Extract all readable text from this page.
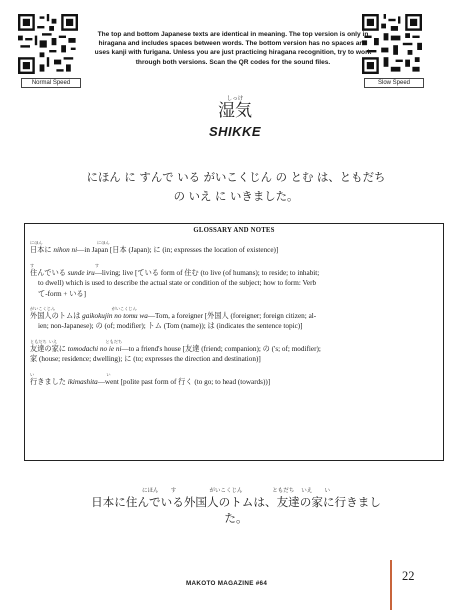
Normal Speed	Slow Speed
The top and bottom Japanese texts are identical in meaning. The top version is only in hiragana and includes spaces between words. The bottom version has no spaces and uses kanji with furigana. Unless you are just practicing hiragana recognition, try to work through both versions. Scan the QR codes for the sound files.
しっけ
湿気
SHIKKE
にほん に すんで いる がいこくじん の とむ は、ともだち
の いえ に いきました。
GLOSSARY AND NOTES
にほん                                                    にほん
日本に nihon ni—in Japan [日本 (Japan); に (in; expresses the location of existence)]
す                                                          す
住んでいる sunde iru—living; live [ている form of 住む (to live (of humans); to reside; to inhabit;
to dwell) which is used to describe the actual state or condition of the subject; how to form: Verb
て-form + いる]
がいこくじん                                                      がいこくじん
外国人のトムは gaikokujin no tomu wa—Tom, a foreigner [外国人 (foreigner; foreign citizen; al-
ien; non-Japanese); の (of; modifier); トム (Tom (name)); は (indicates the sentence topic)]
ともだち  いえ                                              ともだち
友達の家に tomodachi no ie ni—to a friend's house [友達 (friend; companion); の ('s; of; modifier);
家 (house; residence; dwelling); に (to; expresses the direction and destination)]
い                                                                     い
行きました ikimashita—went [polite past form of 行く (to go; to head (towards))]
にほん       す                   がいこくじん                 ともだち    いえ       い
日本に住んでいる外国人のトムは、友達の家に行きまし
た。
MAKOTO MAGAZINE #64
22
